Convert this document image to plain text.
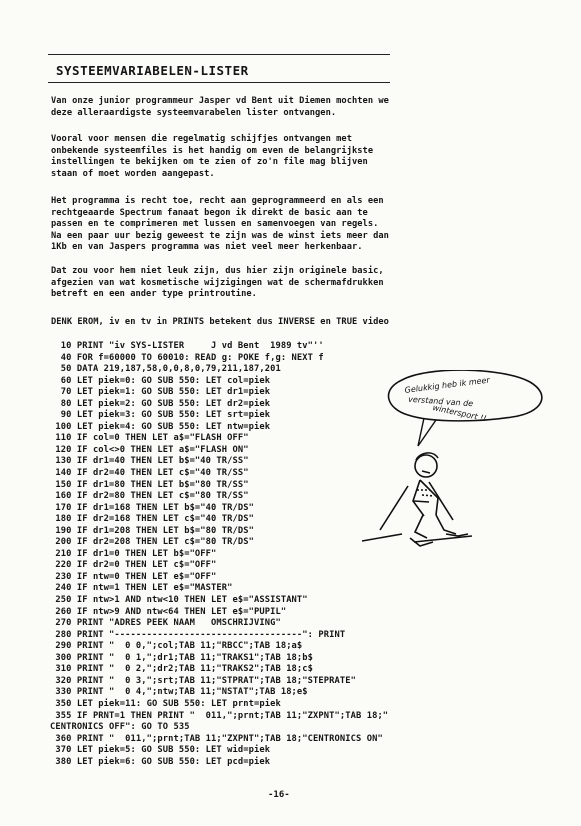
SYSTEEMVARIABELEN-LISTER

Van onze junior programmeur Jasper vd Bent uit Diemen mochten we
deze alleraardigste systeemvarabelen lister ontvangen.

Vooral voor mensen die regelmatig schijfjes ontvangen met
onbekende systeemfiles is het handig om even de belangrijkste
instellingen te bekijken om te zien of zo'n file mag blijven
staan of moet worden aangepast.

Het programma is recht toe, recht aan geprogrammeerd en als een
rechtgeaarde Spectrum fanaat begon ik direkt de basic aan te
passen en te comprimeren met lussen en samenvoegen van regels.
Na een paar uur bezig geweest te zijn was de winst iets meer dan
1Kb en van Jaspers programma was niet veel meer herkenbaar.

Dat zou voor hem niet leuk zijn, dus hier zijn originele basic,
afgezien van wat kosmetische wijzigingen wat de schermafdrukken
betreft en een ander type printroutine.

DENK EROM, iv en tv in PRINTS betekent dus INVERSE en TRUE video

10 PRINT "iv SYS-LISTER     J vd Bent  1989 tv"''
40 FOR f=60000 TO 60010: READ g: POKE f,g: NEXT f
50 DATA 219,187,58,0,0,8,0,79,211,187,201
60 LET piek=0: GO SUB 550: LET col=piek
70 LET piek=1: GO SUB 550: LET dr1=piek
80 LET piek=2: GO SUB 550: LET dr2=piek
90 LET piek=3: GO SUB 550: LET srt=piek
100 LET piek=4: GO SUB 550: LET ntw=piek
110 IF col=0 THEN LET a$="FLASH OFF"
120 IF col<>0 THEN LET a$="FLASH ON"
130 IF dr1=40 THEN LET b$="40 TR/SS"
140 IF dr2=40 THEN LET c$="40 TR/SS"
150 IF dr1=80 THEN LET b$="80 TR/SS"
160 IF dr2=80 THEN LET c$="80 TR/SS"
170 IF dr1=168 THEN LET b$="40 TR/DS"
180 IF dr2=168 THEN LET c$="40 TR/DS"
190 IF dr1=208 THEN LET b$="80 TR/DS"
200 IF dr2=208 THEN LET c$="80 TR/DS"
210 IF dr1=0 THEN LET b$="OFF"
220 IF dr2=0 THEN LET c$="OFF"
230 IF ntw=0 THEN LET e$="OFF"
240 IF ntw=1 THEN LET e$="MASTER"
250 IF ntw>1 AND ntw<10 THEN LET e$="ASSISTANT"
260 IF ntw>9 AND ntw<64 THEN LET e$="PUPIL"
270 PRINT "ADRES PEEK NAAM   OMSCHRIJVING"
280 PRINT "-----------------------------------": PRINT
290 PRINT "  0 0,";col;TAB 11;"RBCC";TAB 18;a$
300 PRINT "  0 1,";dr1;TAB 11;"TRAKS1";TAB 18;b$
310 PRINT "  0 2,";dr2;TAB 11;"TRAKS2";TAB 18;c$
320 PRINT "  0 3,";srt;TAB 11;"STPRAT";TAB 18;"STEPRATE"
330 PRINT "  0 4,";ntw;TAB 11;"NSTAT";TAB 18;e$
350 LET piek=11: GO SUB 550: LET prnt=piek
355 IF PRNT=1 THEN PRINT "  011,";prnt;TAB 11;"ZXPNT";TAB 18;"
CENTRONICS OFF": GO TO 535
360 PRINT "  011,";prnt;TAB 11;"ZXPNT";TAB 18;"CENTRONICS ON"
370 LET piek=5: GO SUB 550: LET wid=piek
380 LET piek=6: GO SUB 550: LET pcd=piek
Gelukkig heb ik meer
verstand van de
wintersport !!
-16-
